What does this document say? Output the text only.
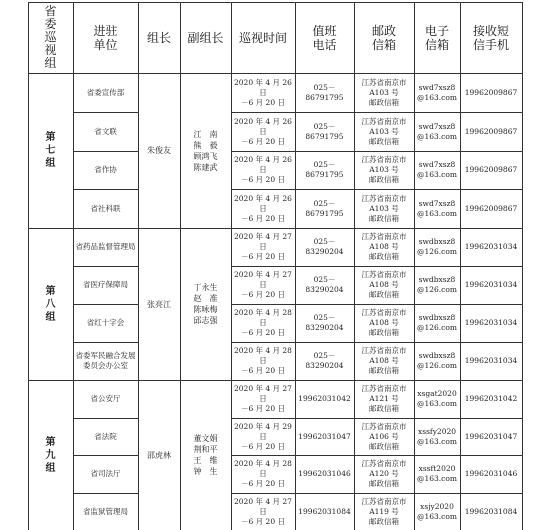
省委巡视组
进驻
单位 组长 副组长 巡视时间 值班
电话
邮政
信箱
电子
信箱
接收短
信手机
第七组
朱俊友
江　南
熊　毅
顾鸿飞
陈建武
省委宣传部
2020 年 4 月 26 日
－6 月 20 日
025－86791795
江苏省南京市
A103 号
邮政信箱
swd7xsz8
@163.com
19962009867
省文联
2020 年 4 月 26 日
－6 月 20 日
025－86791795
江苏省南京市
A103 号
邮政信箱
swd7xsz8
@163.com
19962009867
省作协
2020 年 4 月 26 日
－6 月 20 日
025－86791795
江苏省南京市
A103 号
邮政信箱
swd7xsz8
@163.com
19962009867
省社科联
2020 年 4 月 26 日
－6 月 20 日
025－86791795
江苏省南京市
A103 号
邮政信箱
swd7xsz8
@163.com
19962009867
第八组
张亮江
丁永生
赵　准
陈咏梅
邱志强
省药品监督管理局
2020 年 4 月 27 日
－6 月 20 日
025－83290204
江苏省南京市
A108 号
邮政信箱
swdbxsz8
@126.com
19962031034
省医疗保障局
2020 年 4 月 27 日
－6 月 20 日
025－83290204
江苏省南京市
A108 号
邮政信箱
swdbxsz8
@126.com
19962031034
省红十字会
2020 年 4 月 28 日
－6 月 20 日
025－83290204
江苏省南京市
A108 号
邮政信箱
swdbxsz8
@126.com
19962031034
省委军民融合发展
委员会办公室
2020 年 4 月 28 日
－6 月 20 日
025－83290204
江苏省南京市
A108 号
邮政信箱
swdbxsz8
@126.com
19962031034
第九组
邵虎林
董文娟
荆和平
王　维
钟　生
省公安厅
2020 年 4 月 27 日
－6 月 20 日
19962031042
江苏省南京市
A121 号
邮政信箱
xsgat2020
@163.com
19962031042
省法院
2020 年 4 月 29 日
－6 月 20 日
19962031047
江苏省南京市
A106 号
邮政信箱
xssfy2020
@163.com
19962031047
省司法厅
2020 年 4 月 28 日
－6 月 20 日
19962031046
江苏省南京市
A120 号
邮政信箱
xssft2020
@163.com
19962031046
省监狱管理局
2020 年 4 月 27 日
－6 月 20 日
19962031084
江苏省南京市
A119 号
邮政信箱
xsjy2020
@163.com
19962031084
